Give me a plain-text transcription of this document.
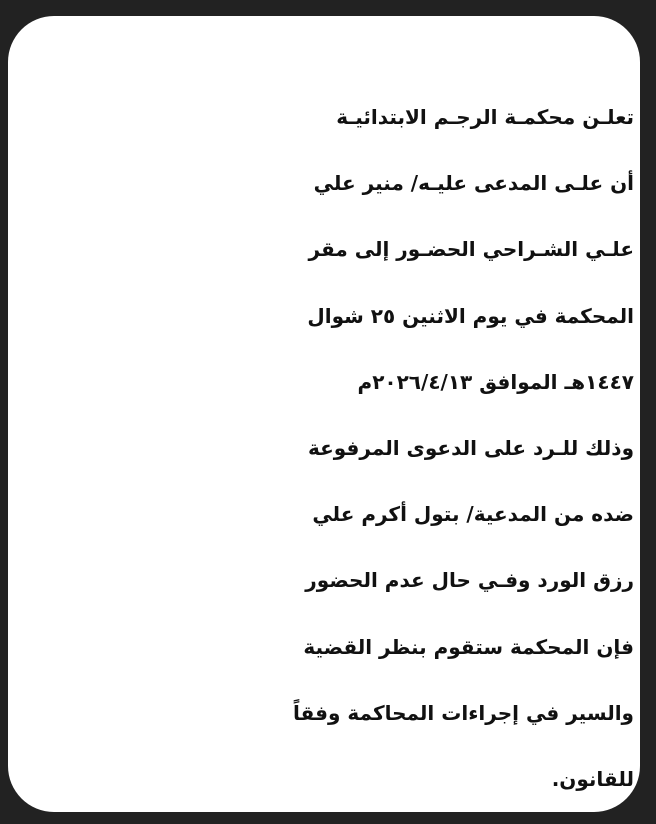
تعلـن محكمـة الرجـم الابتدائيـة
أن علـى المدعى عليـه/ منير علي
علـي الشـراحي الحضـور إلى مقر
المحكمة في يوم الاثنين ٢٥ شوال
١٤٤٧هـ الموافق ٢٠٢٦/٤/١٣م
وذلك للـرد على الدعوى المرفوعة
ضده من المدعية/ بتول أكرم علي
رزق الورد وفـي حال عدم الحضور
فإن المحكمة ستقوم بنظر القضية
والسير في إجراءات المحاكمة وفقاً
للقانون.
